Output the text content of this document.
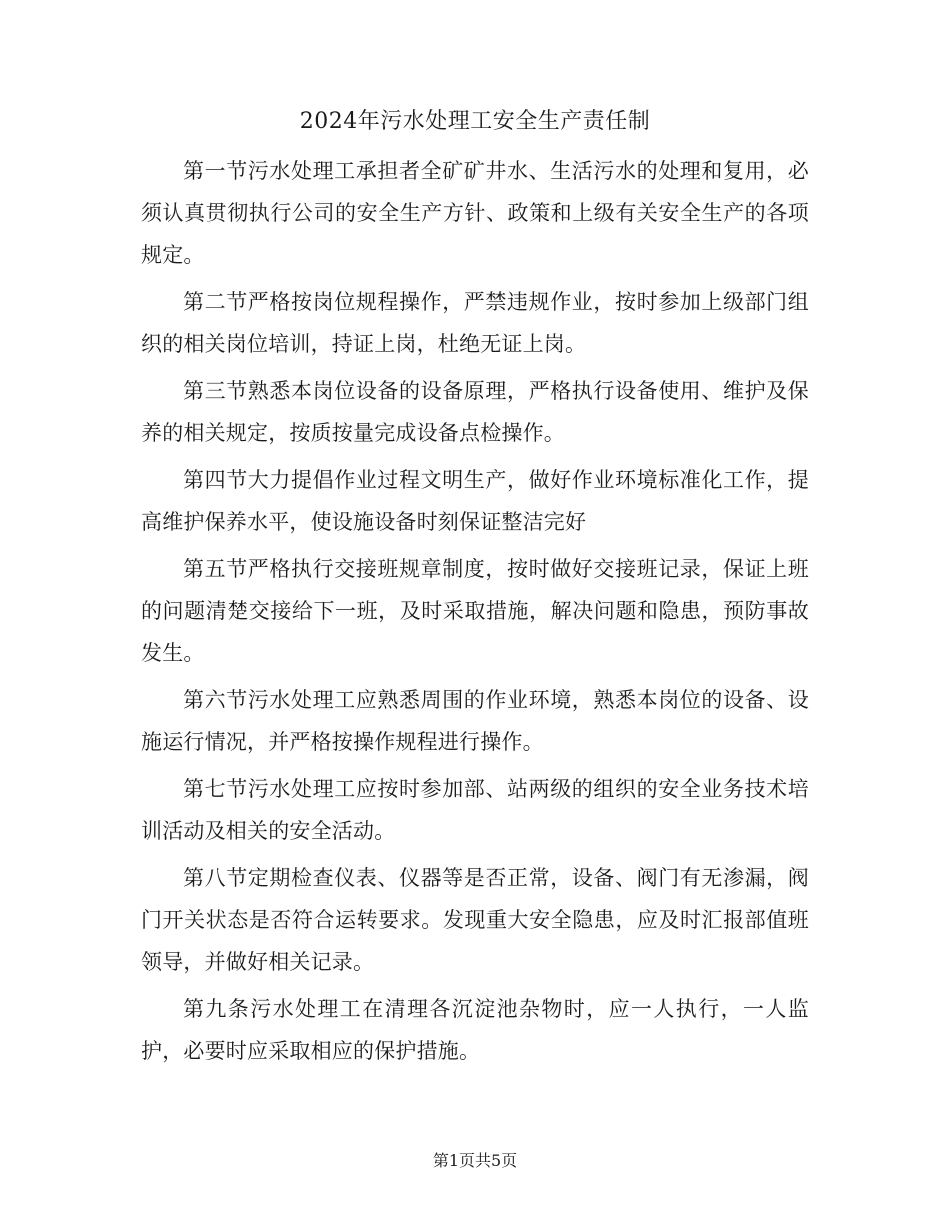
2024年污水处理工安全生产责任制

第一节污水处理工承担者全矿矿井水、生活污水的处理和复用，必须认真贯彻执行公司的安全生产方针、政策和上级有关安全生产的各项规定。

第二节严格按岗位规程操作，严禁违规作业，按时参加上级部门组织的相关岗位培训，持证上岗，杜绝无证上岗。

第三节熟悉本岗位设备的设备原理，严格执行设备使用、维护及保养的相关规定，按质按量完成设备点检操作。

第四节大力提倡作业过程文明生产，做好作业环境标准化工作，提高维护保养水平，使设施设备时刻保证整洁完好

第五节严格执行交接班规章制度，按时做好交接班记录，保证上班的问题清楚交接给下一班，及时采取措施，解决问题和隐患，预防事故发生。

第六节污水处理工应熟悉周围的作业环境，熟悉本岗位的设备、设施运行情况，并严格按操作规程进行操作。

第七节污水处理工应按时参加部、站两级的组织的安全业务技术培训活动及相关的安全活动。

第八节定期检查仪表、仪器等是否正常，设备、阀门有无渗漏，阀门开关状态是否符合运转要求。发现重大安全隐患，应及时汇报部值班领导，并做好相关记录。

第九条污水处理工在清理各沉淀池杂物时，应一人执行，一人监护，必要时应采取相应的保护措施。

第1页共5页
